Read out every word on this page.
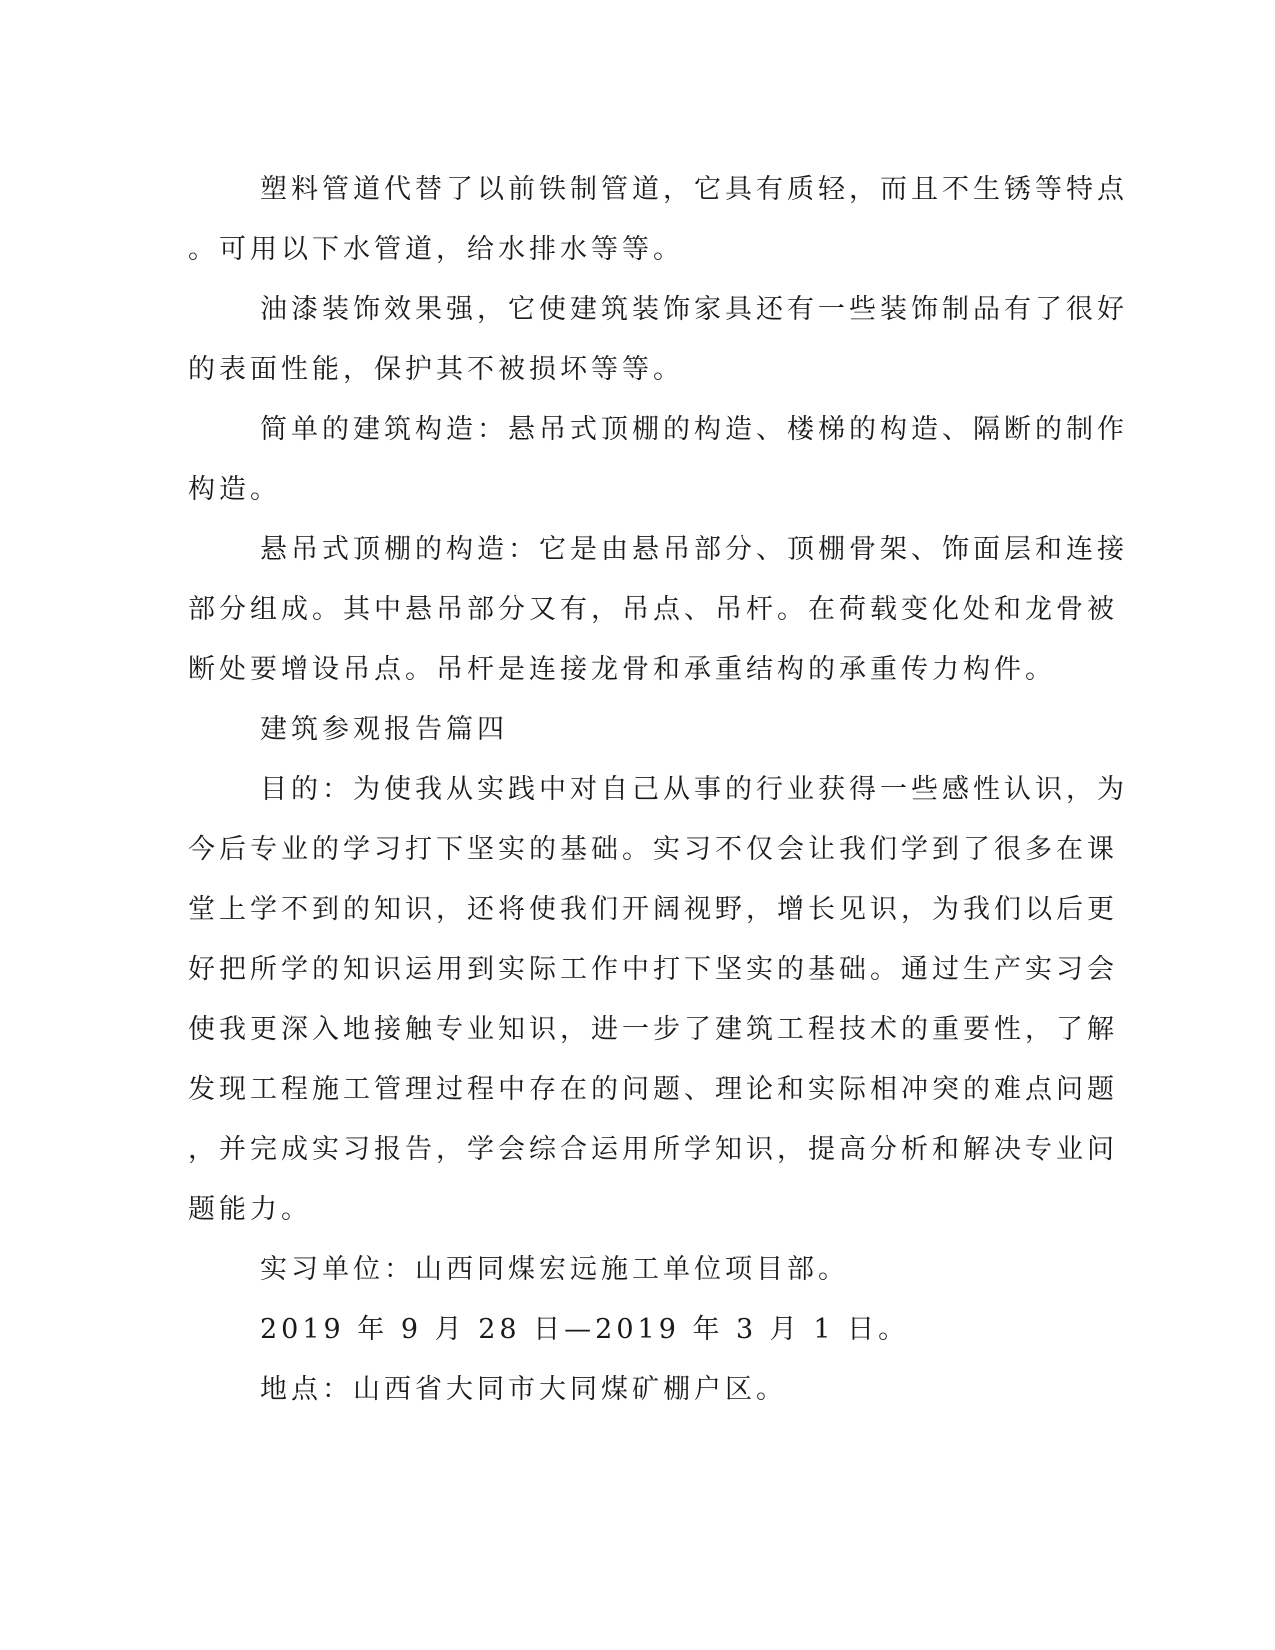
塑料管道代替了以前铁制管道，它具有质轻，而且不生锈等特点

。可用以下水管道，给水排水等等。

油漆装饰效果强，它使建筑装饰家具还有一些装饰制品有了很好

的表面性能，保护其不被损坏等等。

简单的建筑构造：悬吊式顶棚的构造、楼梯的构造、隔断的制作

构造。

悬吊式顶棚的构造：它是由悬吊部分、顶棚骨架、饰面层和连接

部分组成。其中悬吊部分又有，吊点、吊杆。在荷载变化处和龙骨被

断处要增设吊点。吊杆是连接龙骨和承重结构的承重传力构件。

建筑参观报告篇四

目的：为使我从实践中对自己从事的行业获得一些感性认识，为

今后专业的学习打下坚实的基础。实习不仅会让我们学到了很多在课

堂上学不到的知识，还将使我们开阔视野，增长见识，为我们以后更

好把所学的知识运用到实际工作中打下坚实的基础。通过生产实习会

使我更深入地接触专业知识，进一步了建筑工程技术的重要性，了解

发现工程施工管理过程中存在的问题、理论和实际相冲突的难点问题

，并完成实习报告，学会综合运用所学知识，提高分析和解决专业问

题能力。

实习单位：山西同煤宏远施工单位项目部。

2019 年 9 月 28 日—2019 年 3 月 1 日。

地点：山西省大同市大同煤矿棚户区。
